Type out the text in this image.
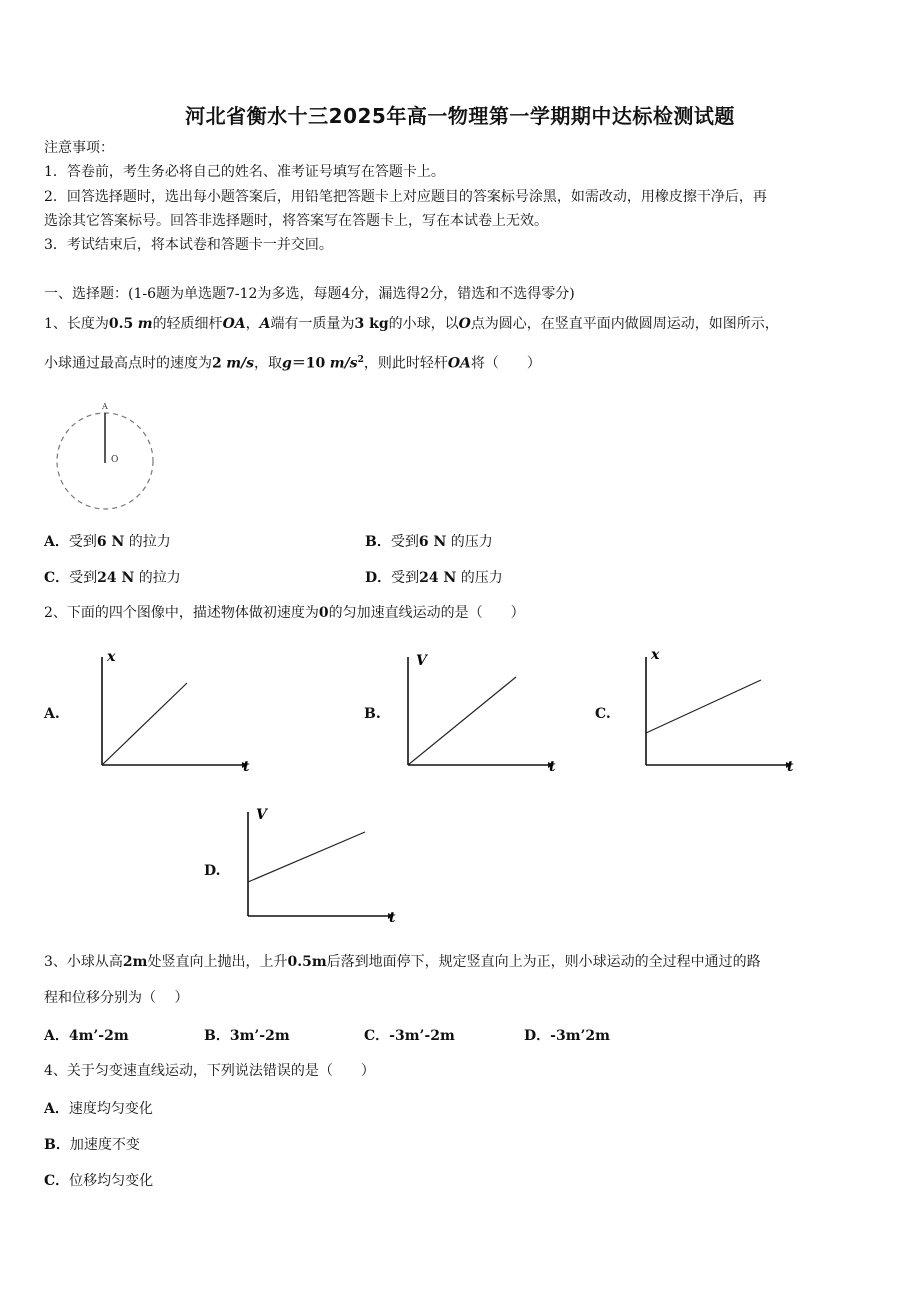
河北省衡水十三2025年高一物理第一学期期中达标检测试题
注意事项：
1．答卷前，考生务必将自己的姓名、准考证号填写在答题卡上。
2．回答选择题时，选出每小题答案后，用铅笔把答题卡上对应题目的答案标号涂黑，如需改动，用橡皮擦干净后，再
选涂其它答案标号。回答非选择题时，将答案写在答题卡上，写在本试卷上无效。
3．考试结束后，将本试卷和答题卡一并交回。
一、选择题：(1-6题为单选题7-12为多选，每题4分，漏选得2分，错选和不选得零分)
1、长度为0.5 m的轻质细杆OA，A端有一质量为3 kg的小球，以O点为圆心，在竖直平面内做圆周运动，如图所示，
小球通过最高点时的速度为2 m/s，取g＝10 $m/s^2$，则此时轻杆OA将（　　）
A
O
A．受到6 N 的拉力	B．受到6 N 的压力
C．受到24 N 的拉力	D．受到24 N 的压力
2、下面的四个图像中，描述物体做初速度为0的匀加速直线运动的是（　　）
A.	B.	C.
D.
x
t
V
t
x
t
V
t
3、小球从高2m处竖直向上抛出，上升0.5m后落到地面停下，规定竖直向上为正，则小球运动的全过程中通过的路
程和位移分别为（　 ）
A．4m’-2m	B．3m’-2m	C．-3m’-2m	D．-3m’2m
4、关于匀变速直线运动，下列说法错误的是（　　）
A．速度均匀变化
B．加速度不变
C．位移均匀变化
